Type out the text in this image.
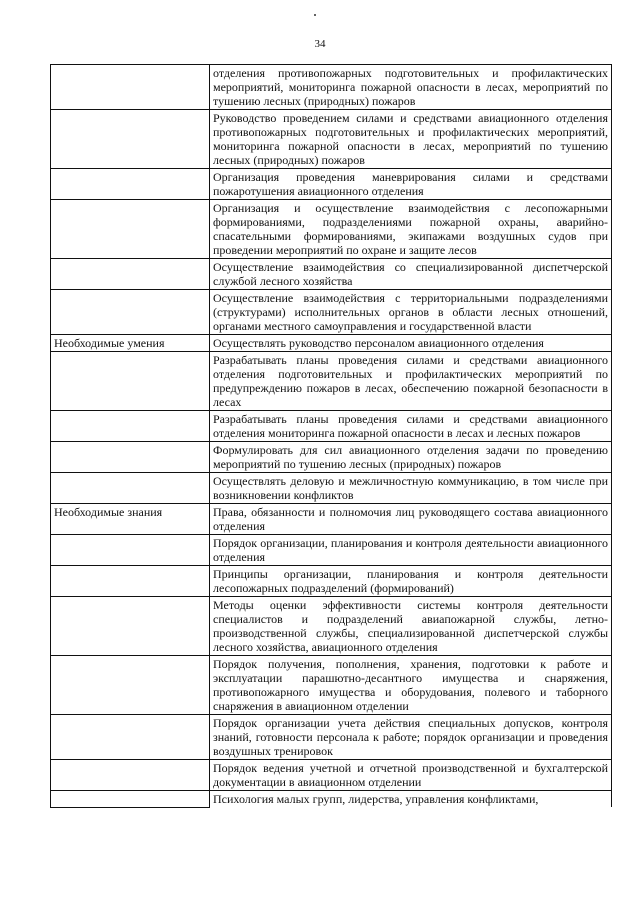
34
	отделения противопожарных подготовительных и профилактических мероприятий, мониторинга пожарной опасности в лесах, мероприятий по тушению лесных (природных) пожаров
	Руководство проведением силами и средствами авиационного отделения противопожарных подготовительных и профилактических мероприятий, мониторинга пожарной опасности в лесах, мероприятий по тушению лесных (природных) пожаров
	Организация проведения маневрирования силами и средствами пожаротушения авиационного отделения
	Организация и осуществление взаимодействия с лесопожарными формированиями, подразделениями пожарной охраны, аварийно-спасательными формированиями, экипажами воздушных судов при проведении мероприятий по охране и защите лесов
	Осуществление взаимодействия со специализированной диспетчерской службой лесного хозяйства
	Осуществление взаимодействия с территориальными подразделениями (структурами) исполнительных органов в области лесных отношений, органами местного самоуправления и государственной власти
Необходимые умения	Осуществлять руководство персоналом авиационного отделения
	Разрабатывать планы проведения силами и средствами авиационного отделения подготовительных и профилактических мероприятий по предупреждению пожаров в лесах, обеспечению пожарной безопасности в лесах
	Разрабатывать планы проведения силами и средствами авиационного отделения мониторинга пожарной опасности в лесах и лесных пожаров
	Формулировать для сил авиационного отделения задачи по проведению мероприятий по тушению лесных (природных) пожаров
	Осуществлять деловую и межличностную коммуникацию, в том числе при возникновении конфликтов
Необходимые знания	Права, обязанности и полномочия лиц руководящего состава авиационного отделения
	Порядок организации, планирования и контроля деятельности авиационного отделения
	Принципы организации, планирования и контроля деятельности лесопожарных подразделений (формирований)
	Методы оценки эффективности системы контроля деятельности специалистов и подразделений авиапожарной службы, летно-производственной службы, специализированной диспетчерской службы лесного хозяйства, авиационного отделения
	Порядок получения, пополнения, хранения, подготовки к работе и эксплуатации парашютно-десантного имущества и снаряжения, противопожарного имущества и оборудования, полевого и таборного снаряжения в авиационном отделении
	Порядок организации учета действия специальных допусков, контроля знаний, готовности персонала к работе; порядок организации и проведения воздушных тренировок
	Порядок ведения учетной и отчетной производственной и бухгалтерской документации в авиационном отделении
	Психология малых групп, лидерства, управления конфликтами,
